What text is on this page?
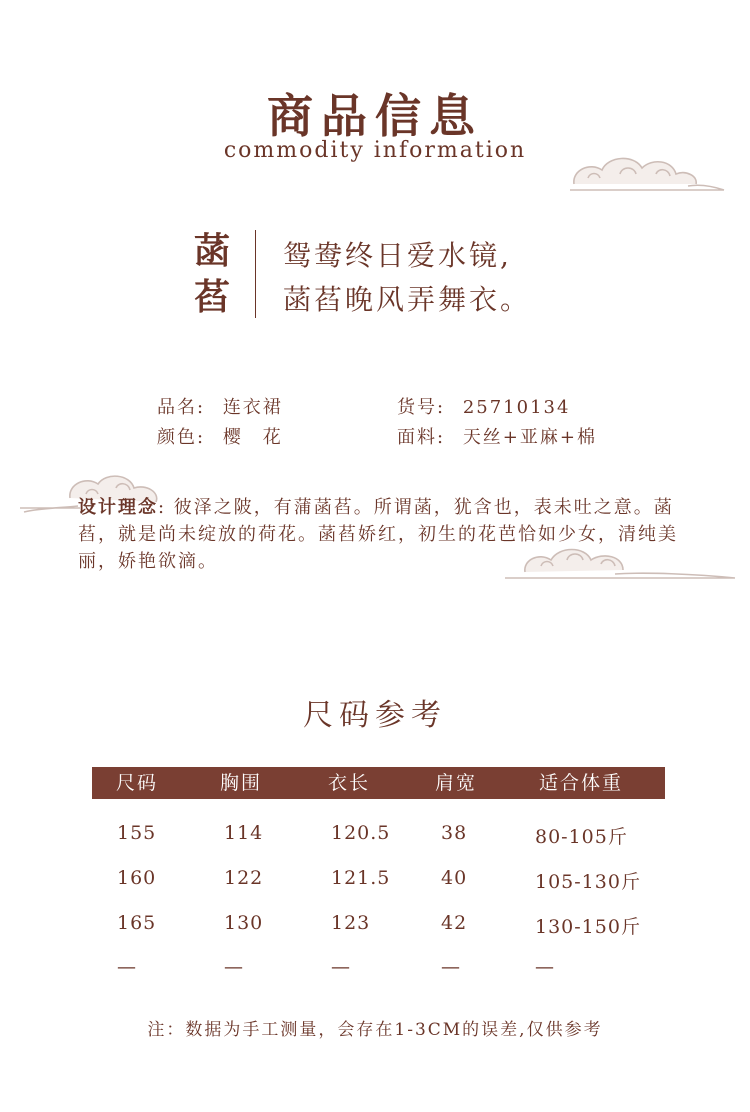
商品信息
commodity information
菡
萏
鸳鸯终日爱水镜,
菡萏晚风弄舞衣。
品名: 连衣裙	货号: 25710134
颜色: 樱　花	面料: 天丝+亚麻+棉
设计理念: 彼泽之陂，有蒲菡萏。所谓菡，犹含也，表未吐之意。菡萏，就是尚未绽放的荷花。菡萏娇红，初生的花芭恰如少女，清纯美丽，娇艳欲滴。
尺码参考
尺码	胸围	衣长	肩宽	适合体重
155	114	120.5	38	80-105斤
160	122	121.5	40	105-130斤
165	130	123	42	130-150斤
—	—	—	—	—
注：数据为手工测量，会存在1-3CM的误差,仅供参考
